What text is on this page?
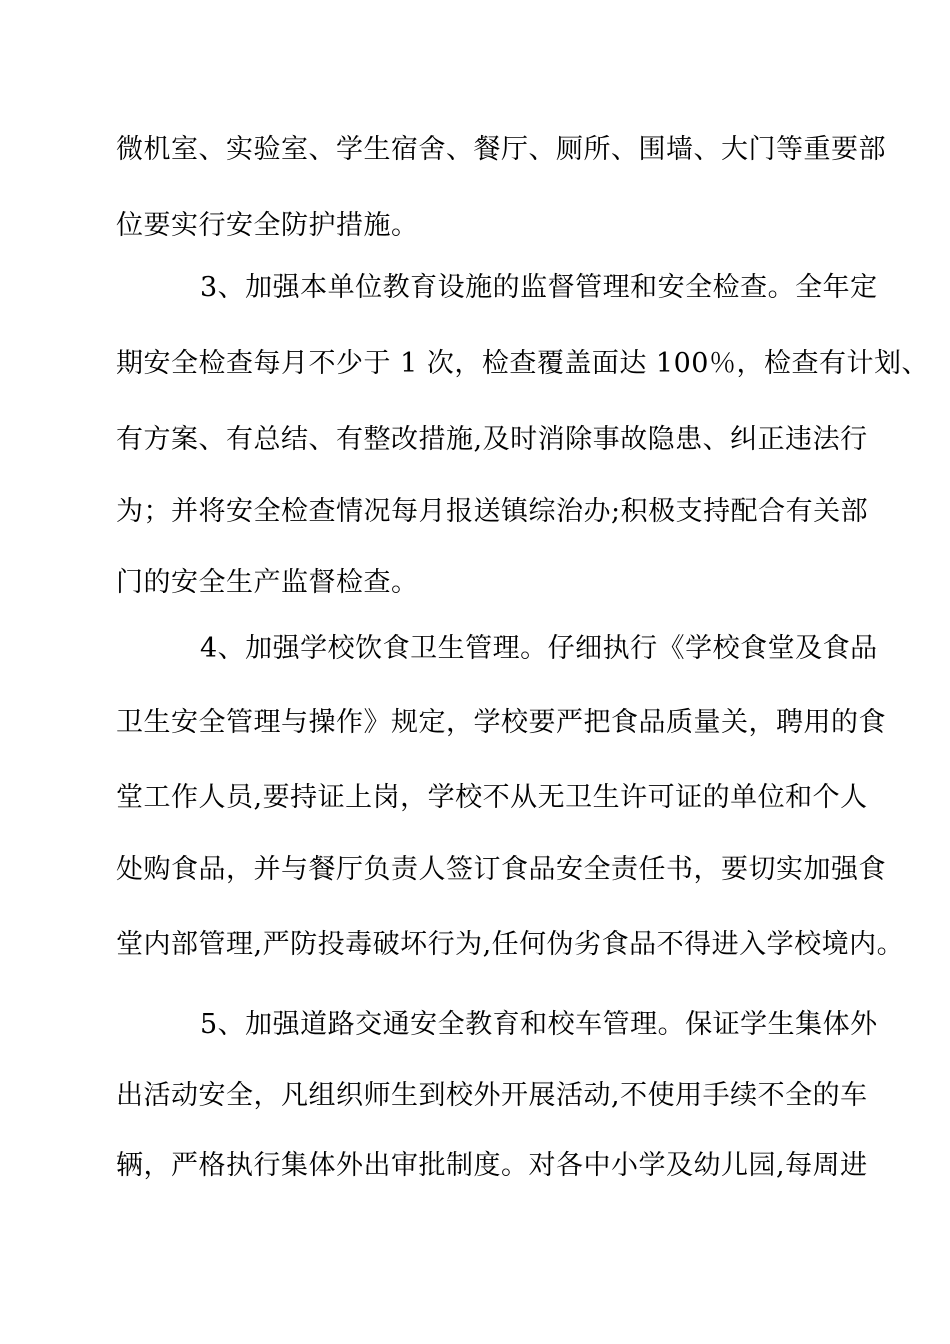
微机室、实验室、学生宿舍、餐厅、厕所、围墙、大门等重要部
位要实行安全防护措施。
3、加强本单位教育设施的监督管理和安全检查。全年定
期安全检查每月不少于 1 次，检查覆盖面达 100％，检查有计划、
有方案、有总结、有整改措施,及时消除事故隐患、纠正违法行
为；并将安全检查情况每月报送镇综治办;积极支持配合有关部
门的安全生产监督检查。
4、加强学校饮食卫生管理。仔细执行《学校食堂及食品
卫生安全管理与操作》规定，学校要严把食品质量关，聘用的食
堂工作人员,要持证上岗，学校不从无卫生许可证的单位和个人
处购食品，并与餐厅负责人签订食品安全责任书，要切实加强食
堂内部管理,严防投毒破坏行为,任何伪劣食品不得进入学校境内。
5、加强道路交通安全教育和校车管理。保证学生集体外
出活动安全，凡组织师生到校外开展活动,不使用手续不全的车
辆，严格执行集体外出审批制度。对各中小学及幼儿园,每周进
